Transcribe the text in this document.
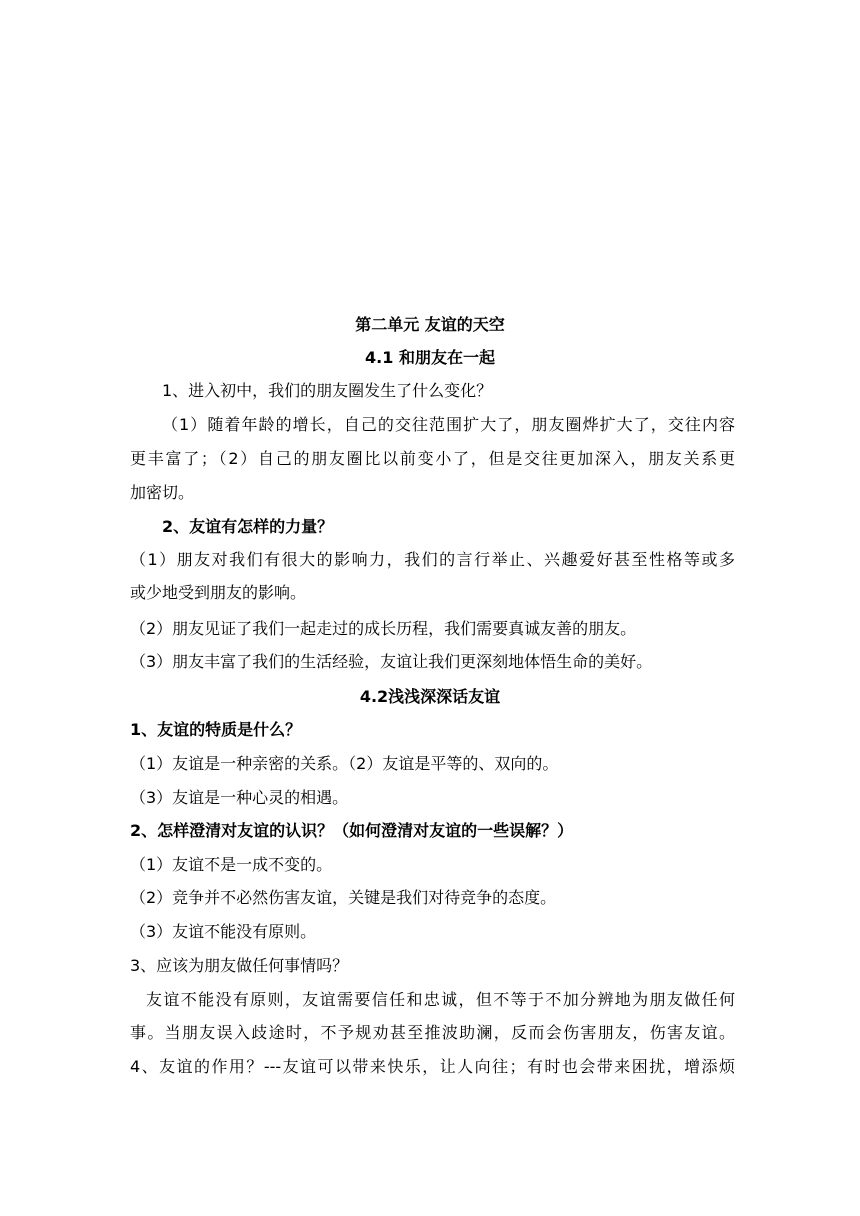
第二单元 友谊的天空
4.1 和朋友在一起
1、进入初中，我们的朋友圈发生了什么变化？
（1）随着年龄的增长，自己的交往范围扩大了，朋友圈烨扩大了，交往内容
更丰富了；（2）自己的朋友圈比以前变小了，但是交往更加深入，朋友关系更
加密切。
2、友谊有怎样的力量？
（1）朋友对我们有很大的影响力，我们的言行举止、兴趣爱好甚至性格等或多
或少地受到朋友的影响。
（2）朋友见证了我们一起走过的成长历程，我们需要真诚友善的朋友。
（3）朋友丰富了我们的生活经验，友谊让我们更深刻地体悟生命的美好。
4.2浅浅深深话友谊
1、友谊的特质是什么？
（1）友谊是一种亲密的关系。（2）友谊是平等的、双向的。
（3）友谊是一种心灵的相遇。
2、怎样澄清对友谊的认识？（如何澄清对友谊的一些误解？）
（1）友谊不是一成不变的。
（2）竞争并不必然伤害友谊，关键是我们对待竞争的态度。
（3）友谊不能没有原则。
3、应该为朋友做任何事情吗？
友谊不能没有原则，友谊需要信任和忠诚，但不等于不加分辨地为朋友做任何
事。当朋友误入歧途时，不予规劝甚至推波助澜，反而会伤害朋友，伤害友谊。
4、友谊的作用？---友谊可以带来快乐，让人向往；有时也会带来困扰，增添烦
